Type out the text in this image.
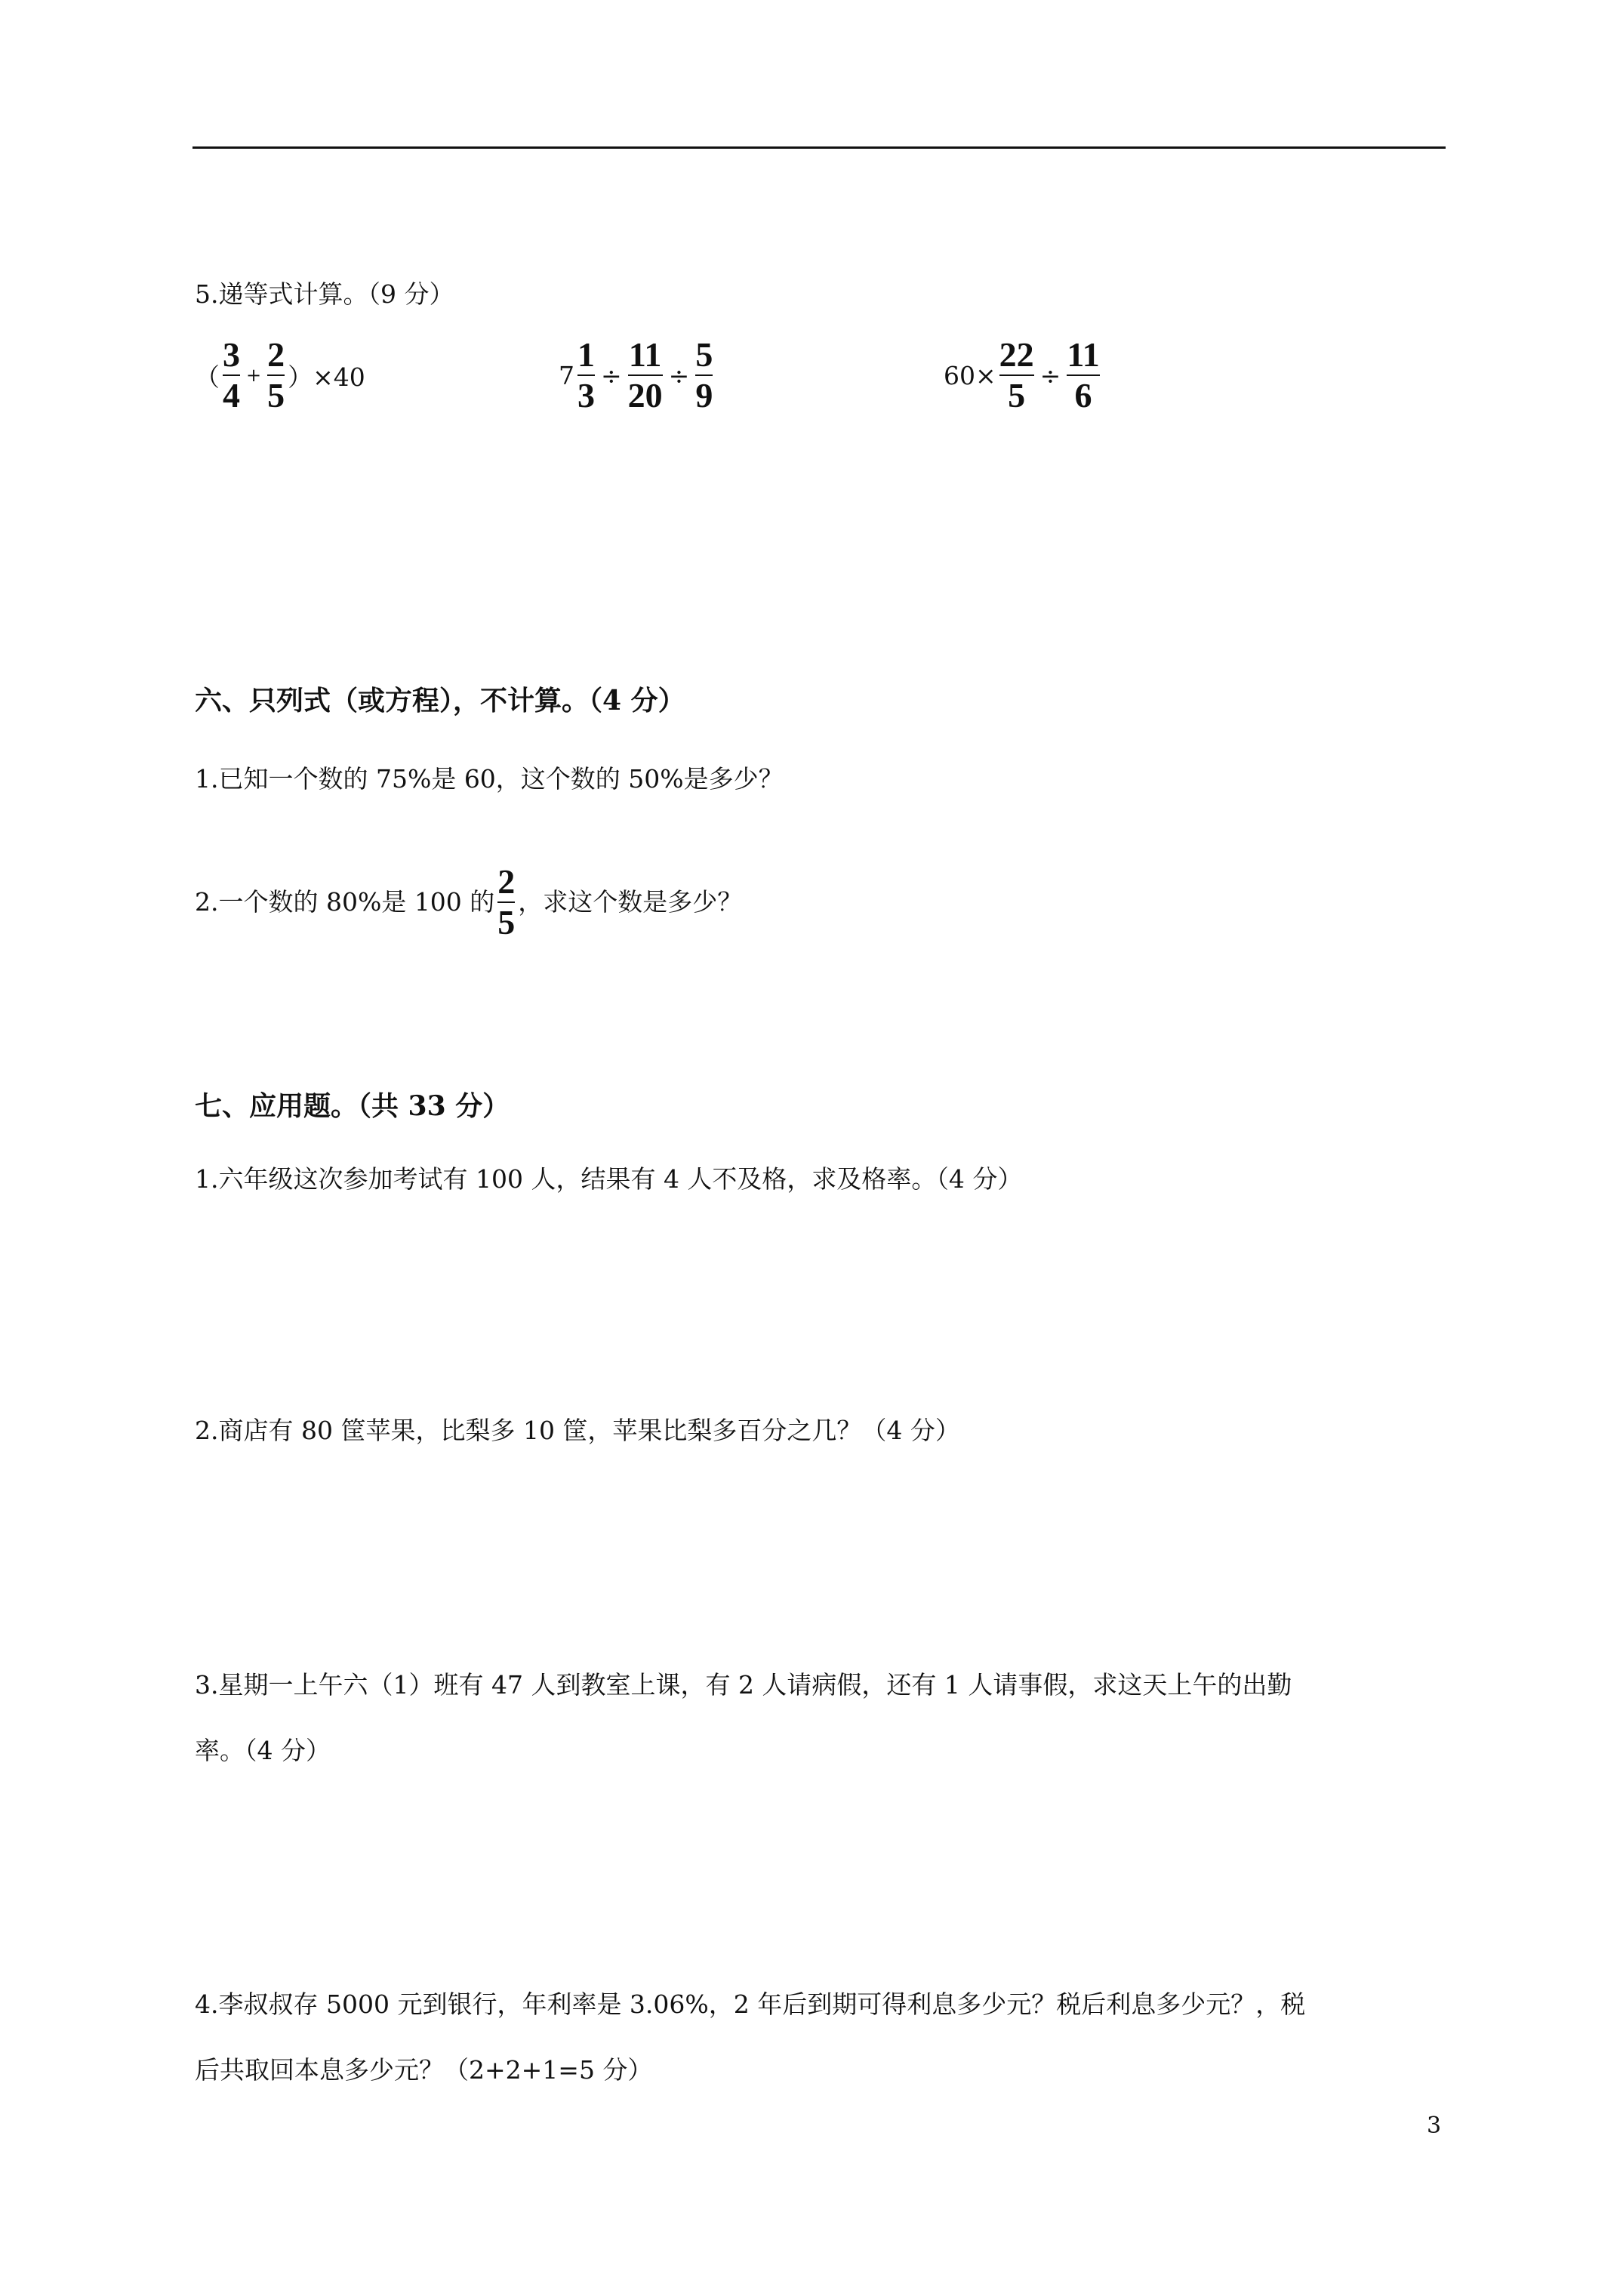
5.递等式计算。（9 分）
（ $\frac{3}{4} + \frac{2}{5} )\times 40$	$7 \frac{1}{3} \div \frac{11}{20} \div \frac{5}{9}$	$60\times \frac{22}{5} \div \frac{11}{6}$
六、只列式（或方程），不计算。（4 分）
1.已知一个数的 75%是 60，这个数的 50%是多少？
2.一个数的 80%是 100 的 $\frac{2}{5}$ ，求这个数是多少？
七、应用题。（共 33 分）
1.六年级这次参加考试有 100 人，结果有 4 人不及格，求及格率。（4 分）
2.商店有 80 筐苹果，比梨多 10 筐，苹果比梨多百分之几？（4 分）
3.星期一上午六（1）班有 47 人到教室上课，有 2 人请病假，还有 1 人请事假，求这天上午的出勤
率。（4 分）
4.李叔叔存 5000 元到银行，年利率是 3.06%，2 年后到期可得利息多少元？税后利息多少元？，税
后共取回本息多少元？（2+2+1=5 分）
3
